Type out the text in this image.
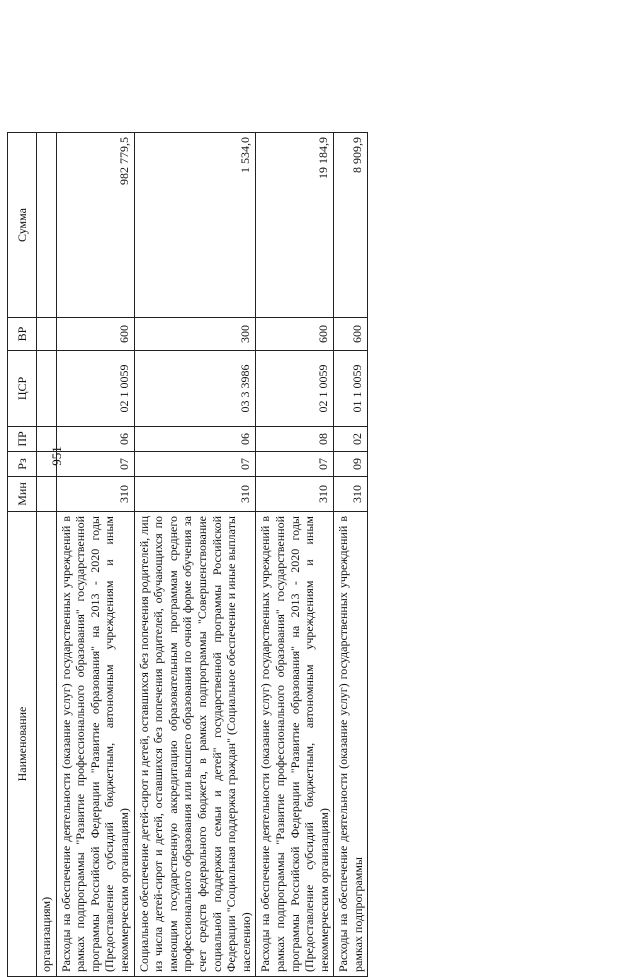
951
Наименование	Мин	Рз	ПР	ЦСР	ВР	Сумма
организациям)						
Расходы на обеспечение деятельности (оказание услуг) государственных учреждений в рамках подпрограммы "Развитие профессионального образования" государственной программы Российской Федерации "Развитие образования" на 2013 - 2020 годы (Предоставление субсидий бюджетным, автономным учреждениям и иным некоммерческим организациям)	310	07	06	02 1 0059	600	982 779,5
Социальное обеспечение детей-сирот и детей, оставшихся без попечения родителей, лиц из числа детей-сирот и детей, оставшихся без попечения родителей, обучающихся по имеющим государственную аккредитацию образовательным программам среднего профессионального образования или высшего образования по очной форме обучения за счет средств федерального бюджета, в рамках подпрограммы "Совершенствование социальной поддержки семьи и детей" государственной программы Российской Федерации "Социальная поддержка граждан" (Социальное обеспечение и иные выплаты населению)	310	07	06	03 3 3986	300	1 534,0
Расходы на обеспечение деятельности (оказание услуг) государственных учреждений в рамках подпрограммы "Развитие профессионального образования" государственной программы Российской Федерации "Развитие образования" на 2013 - 2020 годы (Предоставление субсидий бюджетным, автономным учреждениям и иным некоммерческим организациям)	310	07	08	02 1 0059	600	19 184,9
Расходы на обеспечение деятельности (оказание услуг) государственных учреждений в рамках подпрограммы	310	09	02	01 1 0059	600	8 909,9
